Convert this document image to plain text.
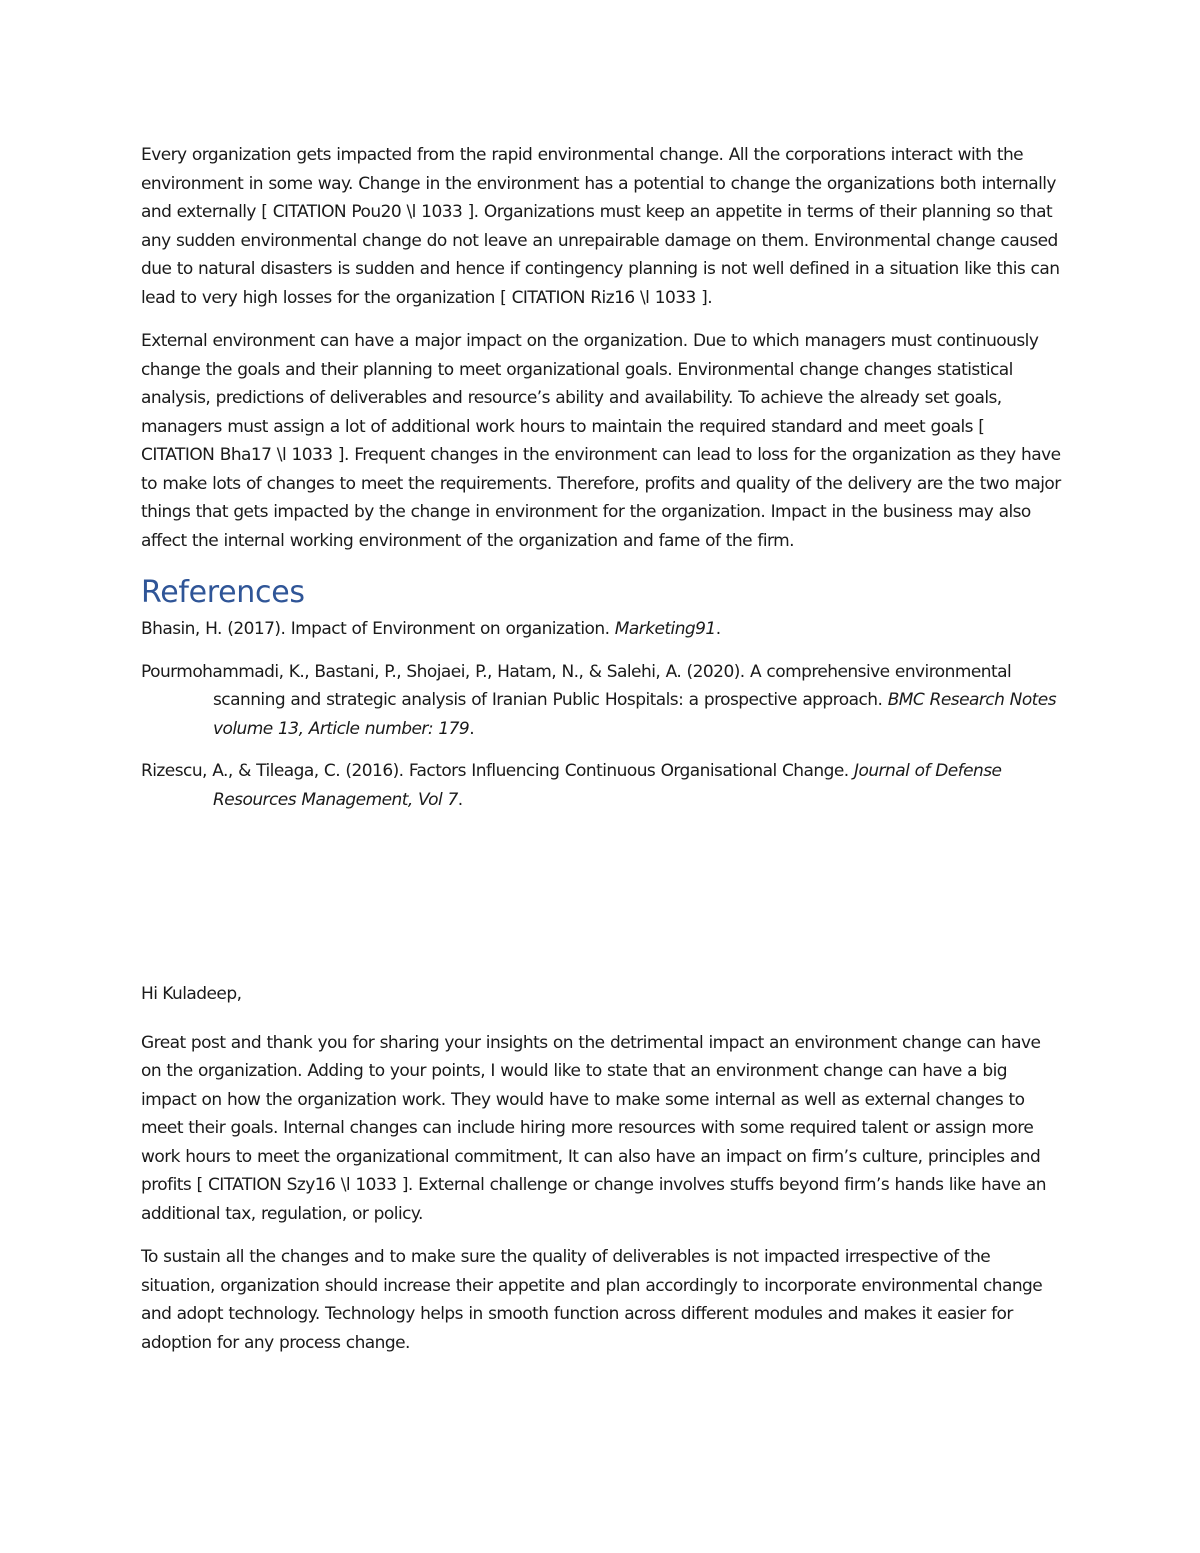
Every organization gets impacted from the rapid environmental change. All the corporations interact with the environment in some way. Change in the environment has a potential to change the organizations both internally and externally [ CITATION Pou20 \l 1033 ]. Organizations must keep an appetite in terms of their planning so that any sudden environmental change do not leave an unrepairable damage on them. Environmental change caused due to natural disasters is sudden and hence if contingency planning is not well defined in a situation like this can lead to very high losses for the organization [ CITATION Riz16 \l 1033 ].

External environment can have a major impact on the organization. Due to which managers must continuously change the goals and their planning to meet organizational goals. Environmental change changes statistical analysis, predictions of deliverables and resource’s ability and availability. To achieve the already set goals, managers must assign a lot of additional work hours to maintain the required standard and meet goals [ CITATION Bha17 \l 1033 ]. Frequent changes in the environment can lead to loss for the organization as they have to make lots of changes to meet the requirements. Therefore, profits and quality of the delivery are the two major things that gets impacted by the change in environment for the organization. Impact in the business may also affect the internal working environment of the organization and fame of the firm.

References

Bhasin, H. (2017). Impact of Environment on organization. Marketing91.

Pourmohammadi, K., Bastani, P., Shojaei, P., Hatam, N., & Salehi, A. (2020). A comprehensive environmental scanning and strategic analysis of Iranian Public Hospitals: a prospective approach. BMC Research Notes volume 13, Article number: 179.

Rizescu, A., & Tileaga, C. (2016). Factors Influencing Continuous Organisational Change. Journal of Defense Resources Management, Vol 7.

Hi Kuladeep,

Great post and thank you for sharing your insights on the detrimental impact an environment change can have on the organization. Adding to your points, I would like to state that an environment change can have a big impact on how the organization work. They would have to make some internal as well as external changes to meet their goals. Internal changes can include hiring more resources with some required talent or assign more work hours to meet the organizational commitment, It can also have an impact on firm’s culture, principles and profits [ CITATION Szy16 \l 1033 ]. External challenge or change involves stuffs beyond firm’s hands like have an additional tax, regulation, or policy.

To sustain all the changes and to make sure the quality of deliverables is not impacted irrespective of the situation, organization should increase their appetite and plan accordingly to incorporate environmental change and adopt technology. Technology helps in smooth function across different modules and makes it easier for adoption for any process change.
